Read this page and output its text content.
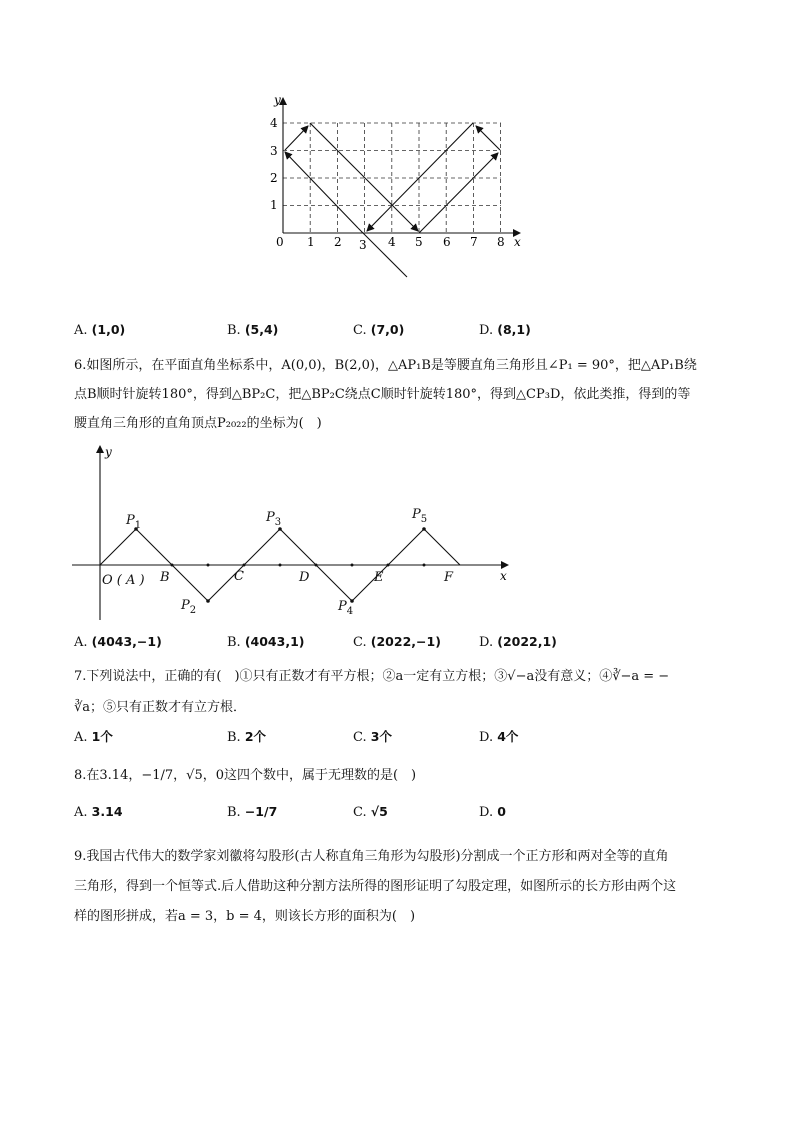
y
x
4
3
2
1
0 1 2 3 4 5 6 7 8
A. (1,0)	B. (5,4)	C. (7,0)	D. (8,1)
6.如图所示，在平面直角坐标系中，A(0,0)，B(2,0)，△AP₁B是等腰直角三角形且∠P₁ = 90°，把△AP₁B绕
点B顺时针旋转180°，得到△BP₂C，把△BP₂C绕点C顺时针旋转180°，得到△CP₃D，依此类推，得到的等
腰直角三角形的直角顶点P₂₀₂₂的坐标为(　)
y
x
$P_1$
$P_2$
$P_3$
$P_4$
$P_5$
O ( A ) B	C	D	E	F
A. (4043,−1)	B. (4043,1)	C. (2022,−1)	D. (2022,1)
7.下列说法中，正确的有(　)①只有正数才有平方根；②a一定有立方根；③√−a没有意义；④∛−a = −
∛a；⑤只有正数才有立方根．
A. 1个	B. 2个	C. 3个	D. 4个
8.在3.14，−1/7，√5，0这四个数中，属于无理数的是(　)
A. 3.14	B. −1/7	C. √5	D. 0
9.我国古代伟大的数学家刘徽将勾股形(古人称直角三角形为勾股形)分割成一个正方形和两对全等的直角
三角形，得到一个恒等式.后人借助这种分割方法所得的图形证明了勾股定理，如图所示的长方形由两个这
样的图形拼成，若a = 3，b = 4，则该长方形的面积为(　)
